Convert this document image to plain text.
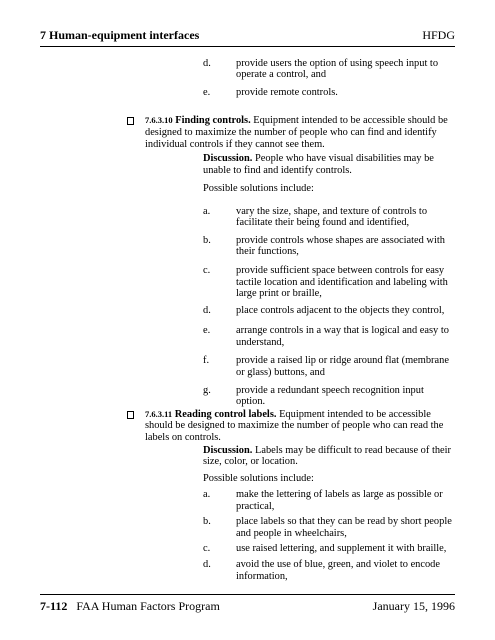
7 Human-equipment interfaces	HFDG
d. provide users the option of using speech input to operate a control, and
e. provide remote controls.
7.6.3.10 Finding controls. Equipment intended to be accessible should be designed to maximize the number of people who can find and identify individual controls if they cannot see them.
Discussion. People who have visual disabilities may be unable to find and identify controls.
Possible solutions include:
a. vary the size, shape, and texture of controls to facilitate their being found and identified,
b. provide controls whose shapes are associated with their functions,
c. provide sufficient space between controls for easy tactile location and identification and labeling with large print or braille,
d. place controls adjacent to the objects they control,
e. arrange controls in a way that is logical and easy to understand,
f.	provide a raised lip or ridge around flat (membrane or glass) buttons, and
g. provide a redundant speech recognition input option.
7.6.3.11 Reading control labels. Equipment intended to be accessible should be designed to maximize the number of people who can read the labels on controls.
Discussion. Labels may be difficult to read because of their size, color, or location.
Possible solutions include:
7-112 FAA Human Factors Program	January 15, 1996
a.	make the lettering of labels as large as possible or practical,
b.	place labels so that they can be read by short people and people in wheelchairs,
c.	use raised lettering, and supplement it with braille,
d.	avoid the use of blue, green, and violet to encode information,
